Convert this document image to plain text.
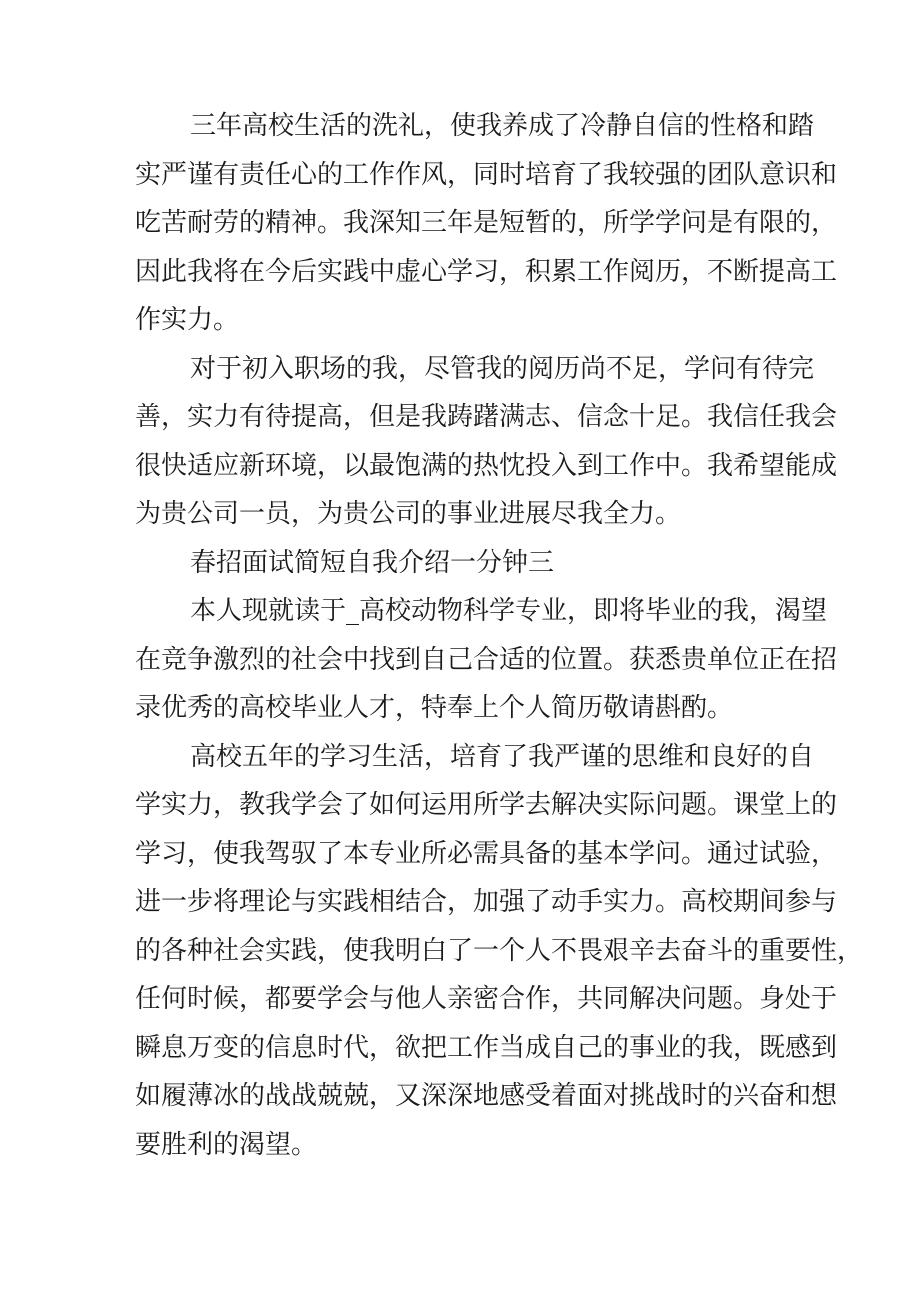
三年高校生活的洗礼，使我养成了冷静自信的性格和踏
实严谨有责任心的工作作风，同时培育了我较强的团队意识和
吃苦耐劳的精神。我深知三年是短暂的，所学学问是有限的，
因此我将在今后实践中虚心学习，积累工作阅历，不断提高工
作实力。
对于初入职场的我，尽管我的阅历尚不足，学问有待完
善，实力有待提高，但是我踌躇满志、信念十足。我信任我会
很快适应新环境，以最饱满的热忱投入到工作中。我希望能成
为贵公司一员，为贵公司的事业进展尽我全力。
春招面试简短自我介绍一分钟三
本人现就读于_高校动物科学专业，即将毕业的我，渴望
在竞争激烈的社会中找到自己合适的位置。获悉贵单位正在招
录优秀的高校毕业人才，特奉上个人简历敬请斟酌。
高校五年的学习生活，培育了我严谨的思维和良好的自
学实力，教我学会了如何运用所学去解决实际问题。课堂上的
学习，使我驾驭了本专业所必需具备的基本学问。通过试验，
进一步将理论与实践相结合，加强了动手实力。高校期间参与
的各种社会实践，使我明白了一个人不畏艰辛去奋斗的重要性，
任何时候，都要学会与他人亲密合作，共同解决问题。身处于
瞬息万变的信息时代，欲把工作当成自己的事业的我，既感到
如履薄冰的战战兢兢，又深深地感受着面对挑战时的兴奋和想
要胜利的渴望。
